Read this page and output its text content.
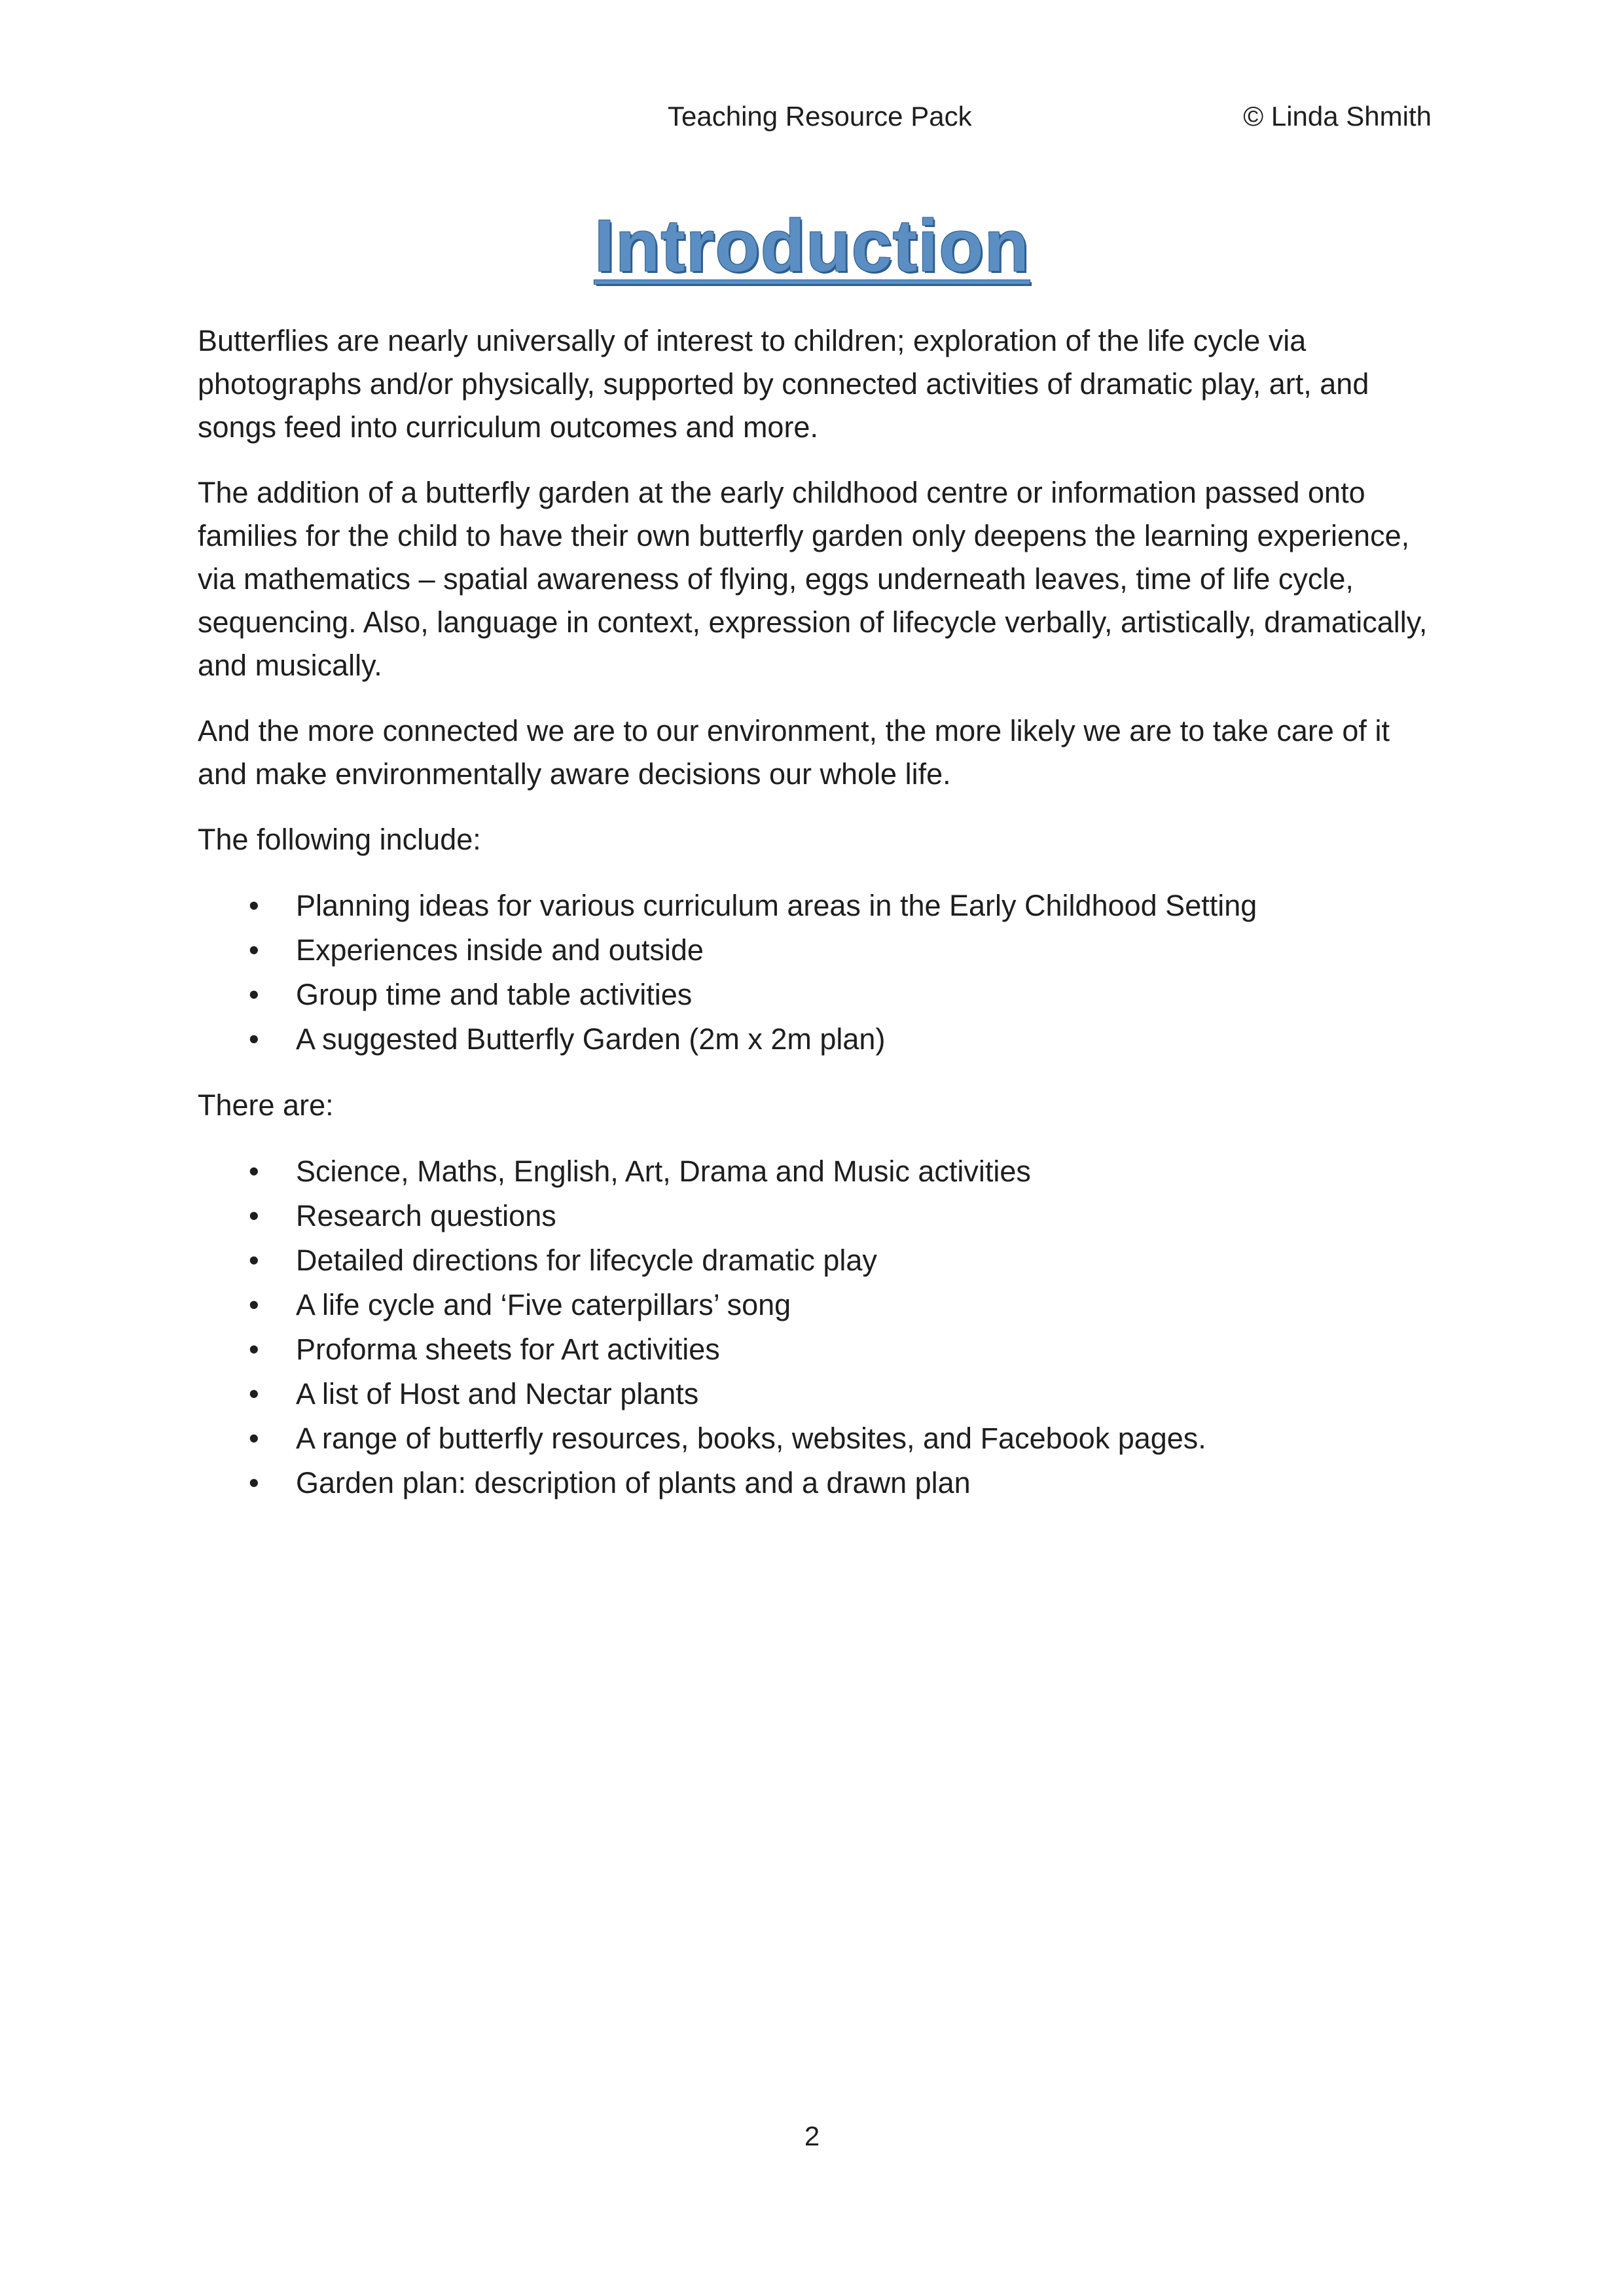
Teaching Resource Pack	© Linda Shmith
Introduction

Butterflies are nearly universally of interest to children; exploration of the life cycle via photographs and/or physically, supported by connected activities of dramatic play, art, and songs feed into curriculum outcomes and more.

The addition of a butterfly garden at the early childhood centre or information passed onto families for the child to have their own butterfly garden only deepens the learning experience, via mathematics – spatial awareness of flying, eggs underneath leaves, time of life cycle, sequencing. Also, language in context, expression of lifecycle verbally, artistically, dramatically, and musically.

And the more connected we are to our environment, the more likely we are to take care of it and make environmentally aware decisions our whole life.

The following include:

• Planning ideas for various curriculum areas in the Early Childhood Setting
• Experiences inside and outside
• Group time and table activities
• A suggested Butterfly Garden (2m x 2m plan)

There are:

• Science, Maths, English, Art, Drama and Music activities
• Research questions
• Detailed directions for lifecycle dramatic play
• A life cycle and ‘Five caterpillars’ song
• Proforma sheets for Art activities
• A list of Host and Nectar plants
• A range of butterfly resources, books, websites, and Facebook pages.
• Garden plan: description of plants and a drawn plan
2
